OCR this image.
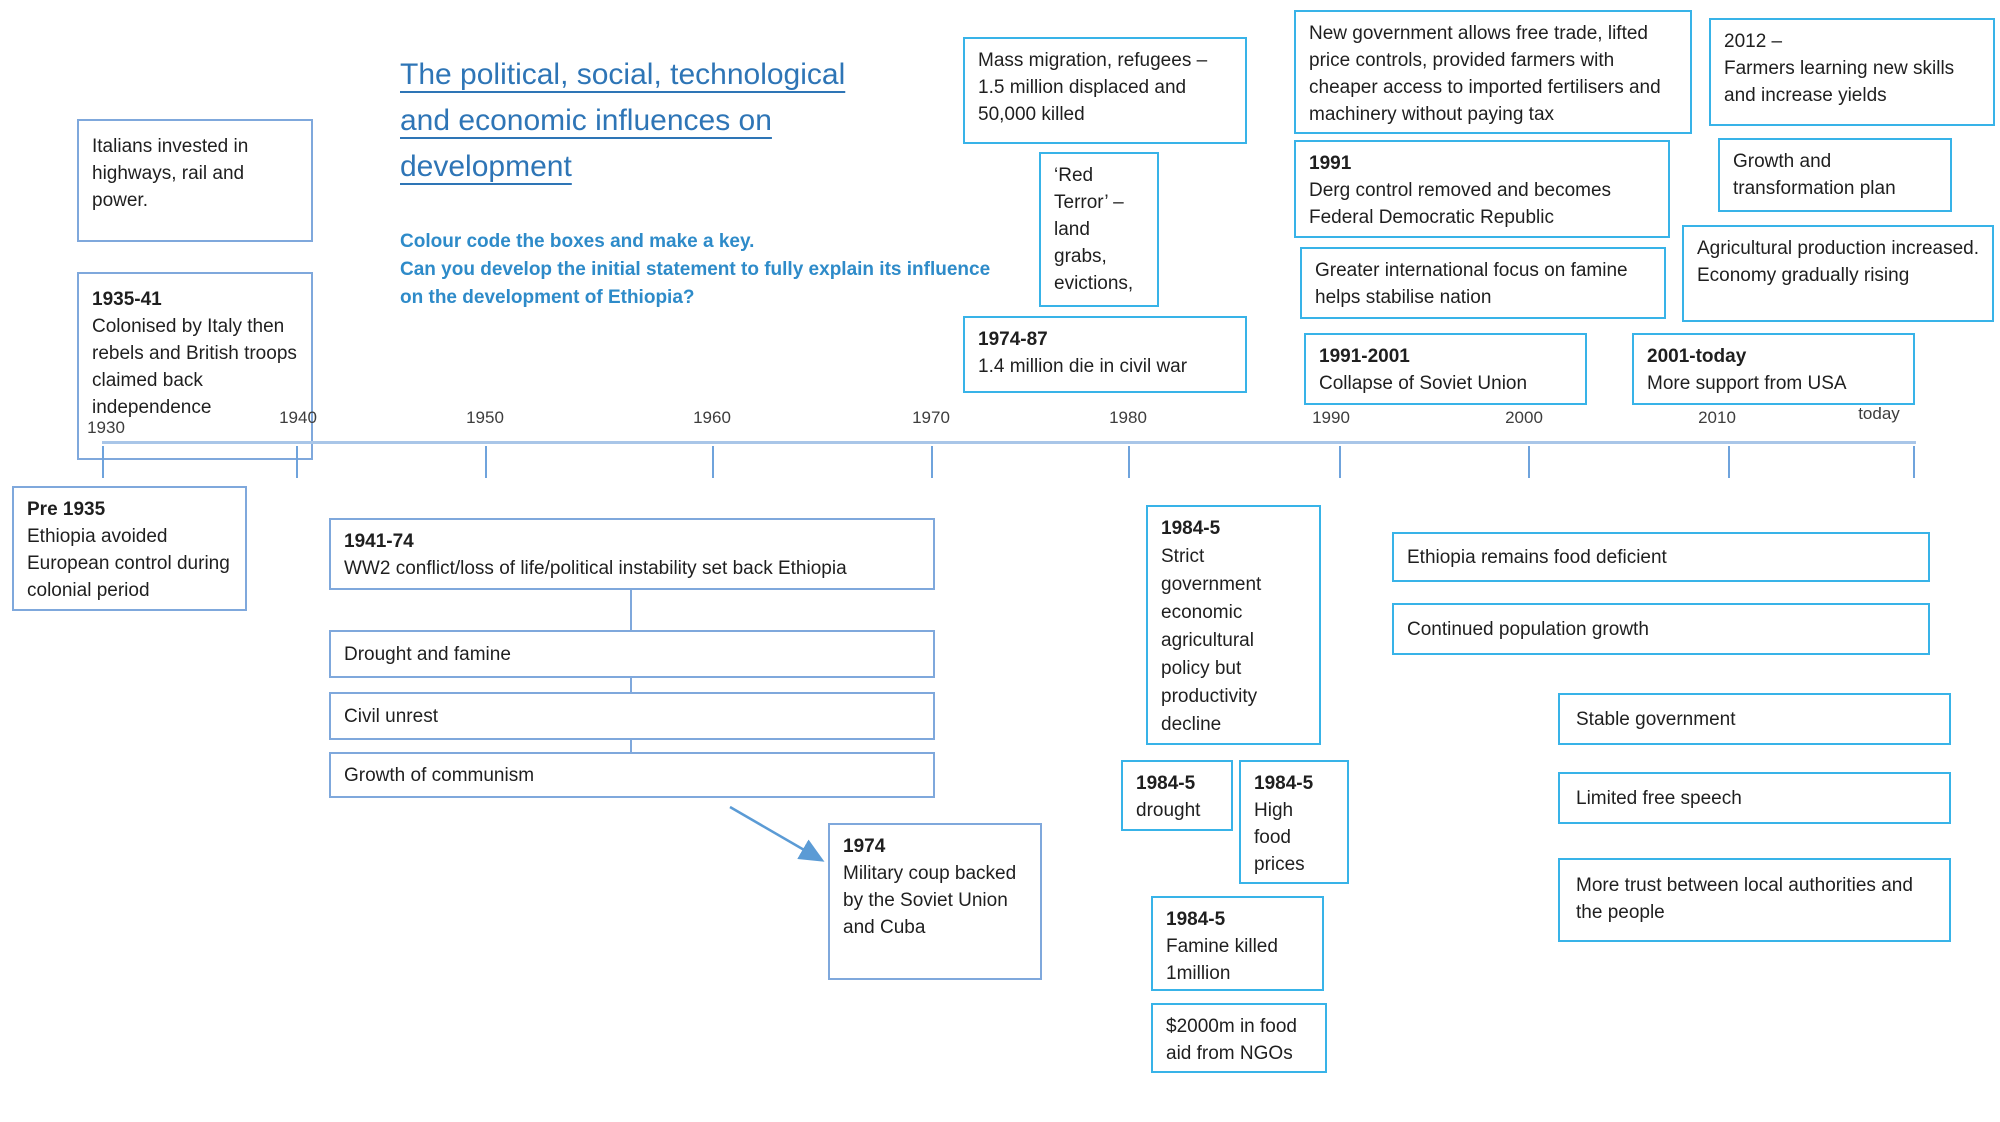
The political, social, technological
and economic influences on
development
Colour code the boxes and make a key.
Can you develop the initial statement to fully explain its influence on the development of Ethiopia?
Italians invested in highways, rail and power.
1935-41
Colonised by Italy then rebels and British troops claimed back independence
Mass migration, refugees – 1.5 million displaced and 50,000 killed
‘Red Terror’ – land grabs, evictions,
1974-87
1.4 million die in civil war
New government allows free trade, lifted price controls, provided farmers with cheaper access to imported fertilisers and machinery without paying tax
1991
Derg control removed and becomes Federal Democratic Republic
Greater international focus on famine helps stabilise nation
1991-2001
Collapse of Soviet Union
2012 –
Farmers learning new skills and increase yields
Growth and transformation plan
Agricultural production increased. Economy gradually rising
2001-today
More support from USA
1930
1940	1950	1960	1970	1980	1990	2000	2010	today
Pre 1935
Ethiopia avoided European control during colonial period
1941-74
WW2 conflict/loss of life/political instability set back Ethiopia
Drought and famine
Civil unrest
Growth of communism
1974
Military coup backed by the Soviet Union and Cuba
1984-5
Strict government economic agricultural policy but productivity decline
1984-5
drought
1984-5
High food prices
1984-5
Famine killed 1million
$2000m in food aid from NGOs
Ethiopia remains food deficient
Continued population growth
Stable government
Limited free speech
More trust between local authorities and the people
